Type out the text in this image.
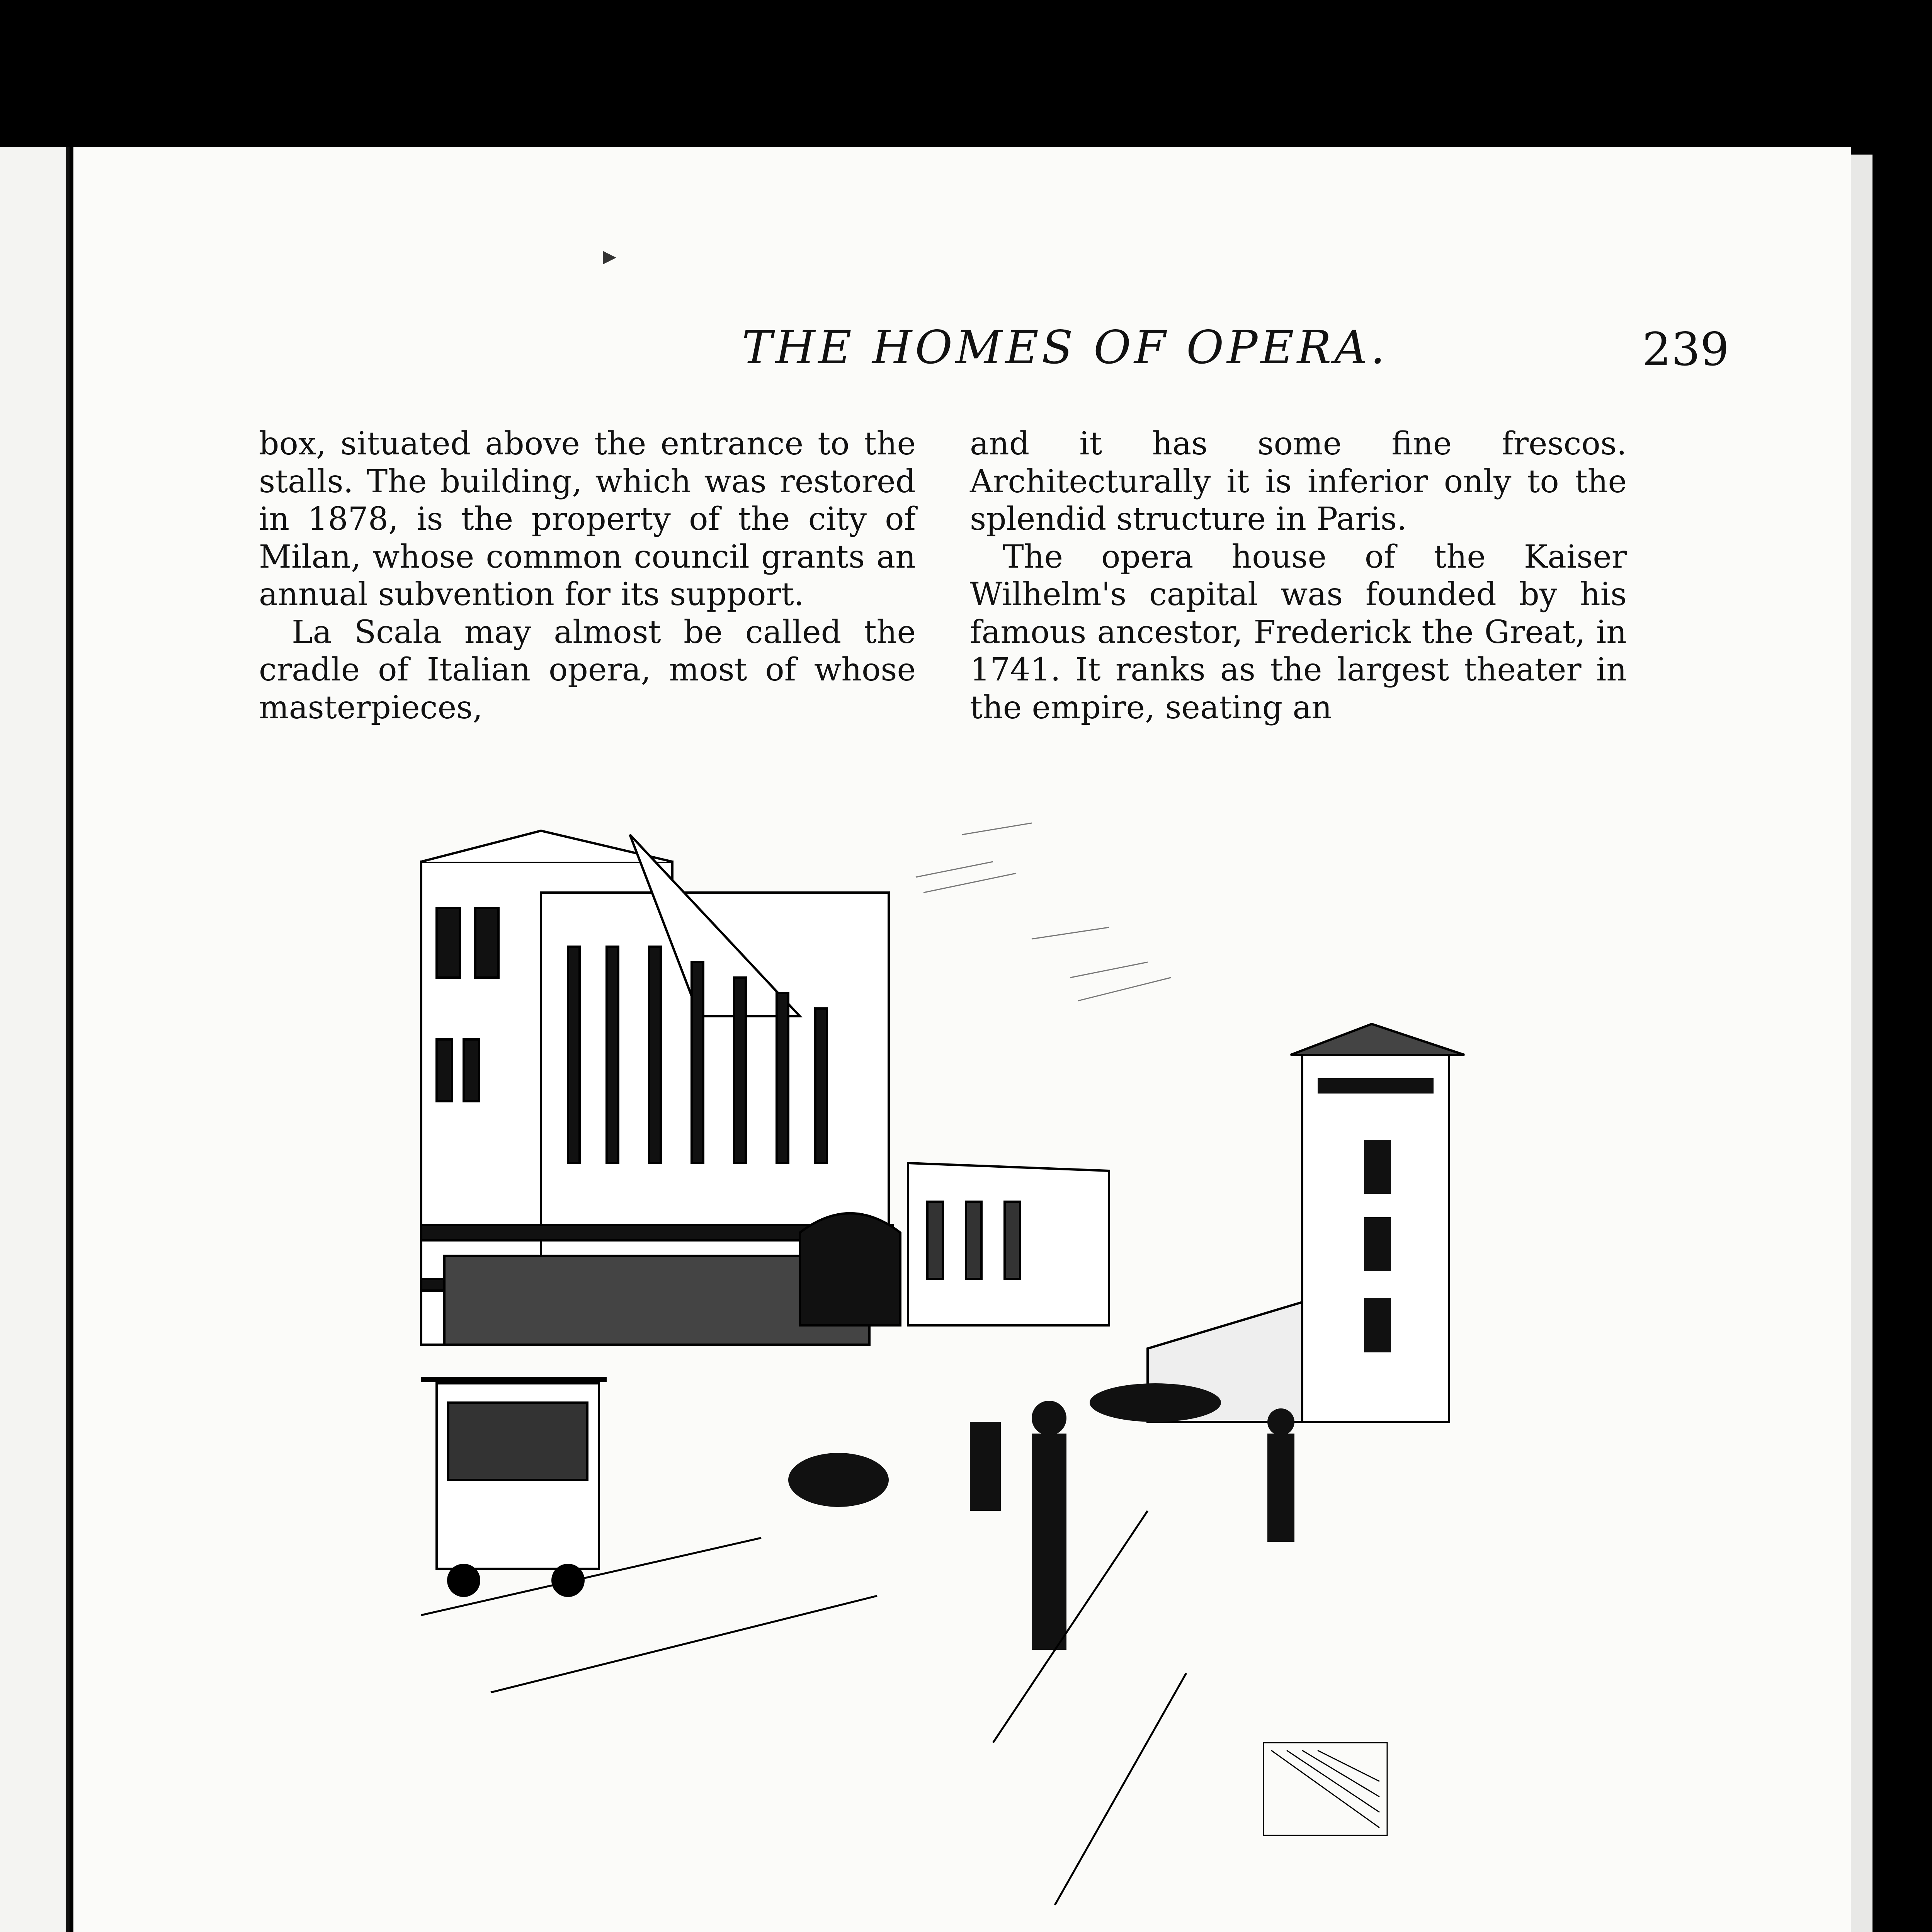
▸
THE HOMES OF OPERA.	239

box, situated above the entrance to the stalls. The building, which was restored in 1878, is the property of the city of Milan, whose common council grants an annual subvention for its support.

La Scala may almost be called the cradle of Italian opera, most of whose masterpieces,

and it has some fine frescos. Architecturally it is inferior only to the splendid structure in Paris.

The opera house of the Kaiser Wilhelm's capital was founded by his famous ancestor, Frederick the Great, in 1741. It ranks as the largest theater in the empire, seating an
